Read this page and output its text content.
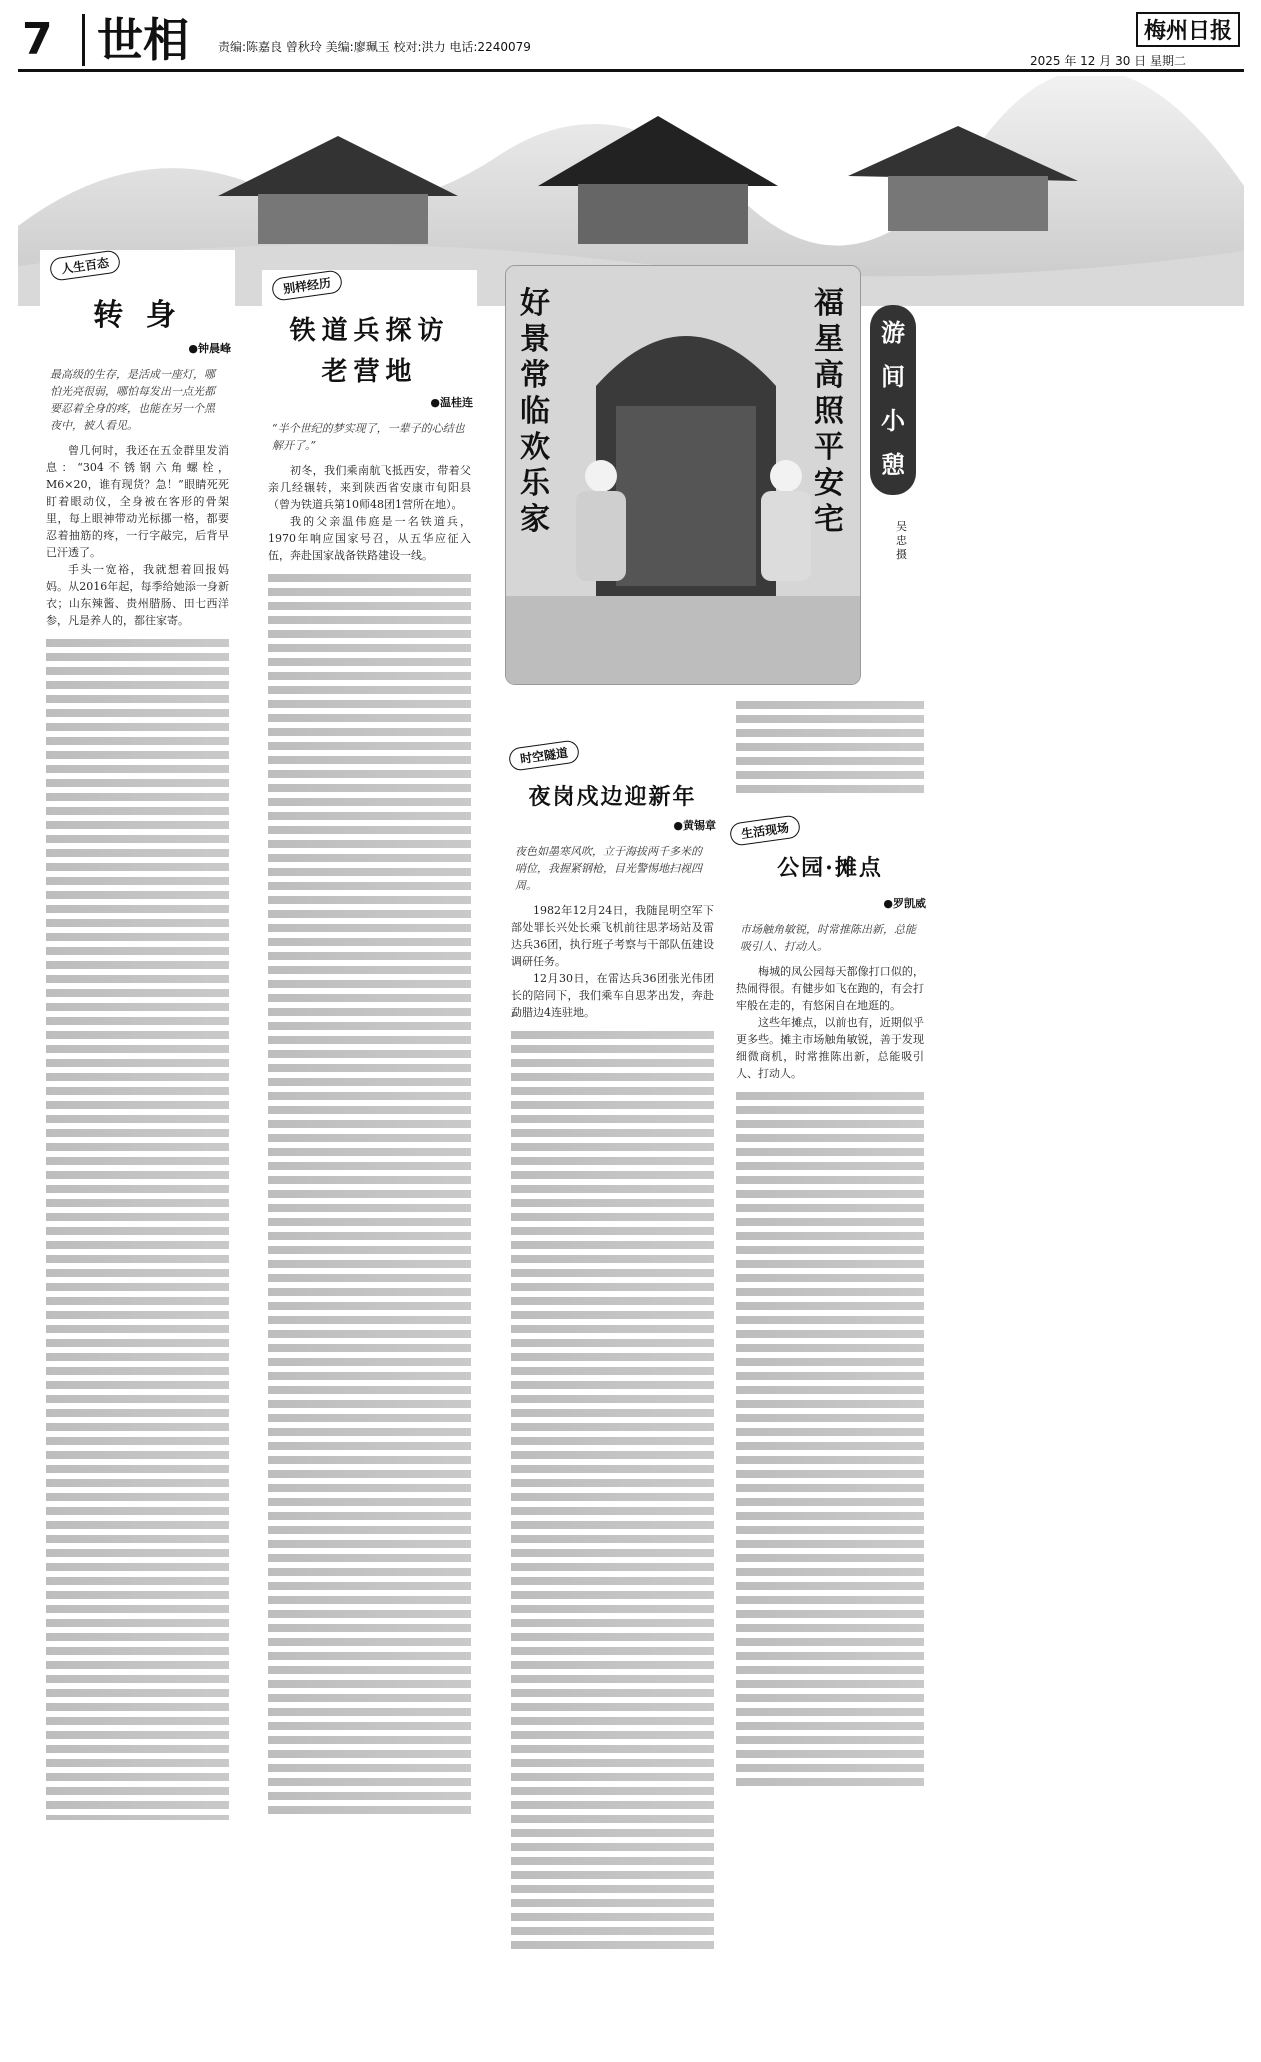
7 世相 责编:陈嘉良 曾秋玲 美编:廖珮玉 校对:洪力 电话:2240079
梅州日报
2025 年 12 月 30 日 星期二
人生百态
转 身
●钟晨峰
最高级的生存，是活成一座灯，哪怕光亮很弱，哪怕每发出一点光都要忍着全身的疼，也能在另一个黑夜中，被人看见。

曾几何时，我还在五金群里发消息：“304不锈钢六角螺栓，M6×20，谁有现货？急！”眼睛死死盯着眼动仪，全身被在客形的骨架里，每上眼神带动光标挪一格，都要忍着抽筋的疼，一行字敲完，后背早已汗透了。

手头一宽裕，我就想着回报妈妈。从2016年起，每季给她添一身新衣；山东辣酱、贵州腊肠、田七西洋参，凡是养人的，都往家寄。

别样经历
铁道兵探访
老营地
●温桂连
“半个世纪的梦实现了，一辈子的心结也解开了。”

初冬，我们乘南航飞抵西安，带着父亲几经辗转，来到陕西省安康市旬阳县（曾为铁道兵第10师48团1营所在地）。

我的父亲温伟庭是一名铁道兵，1970年响应国家号召，从五华应征入伍，奔赴国家战备铁路建设一线。

好景常临欢乐家
福星高照平安宅
游间小憩
吴忠 摄
时空隧道
夜岗戍边迎新年
●黄锡章
夜色如墨寒风吹，立于海拔两千多米的哨位，我握紧钢枪，目光警惕地扫视四周。

1982年12月24日，我随昆明空军下部处罪长兴处长乘飞机前往思茅场站及雷达兵36团，执行班子考察与干部队伍建设调研任务。

12月30日，在雷达兵36团张光伟团长的陪同下，我们乘车自思茅出发，奔赴勐腊边4连驻地。

生活现场
公园·摊点
●罗凯威
市场触角敏锐，时常推陈出新，总能吸引人、打动人。

梅城的凤公园每天都像打口似的，热闹得很。有健步如飞在跑的，有会打牢般在走的，有悠闲自在地逛的。

这些年摊点，以前也有，近期似乎更多些。摊主市场触角敏锐，善于发现细微商机，时常推陈出新，总能吸引人、打动人。
